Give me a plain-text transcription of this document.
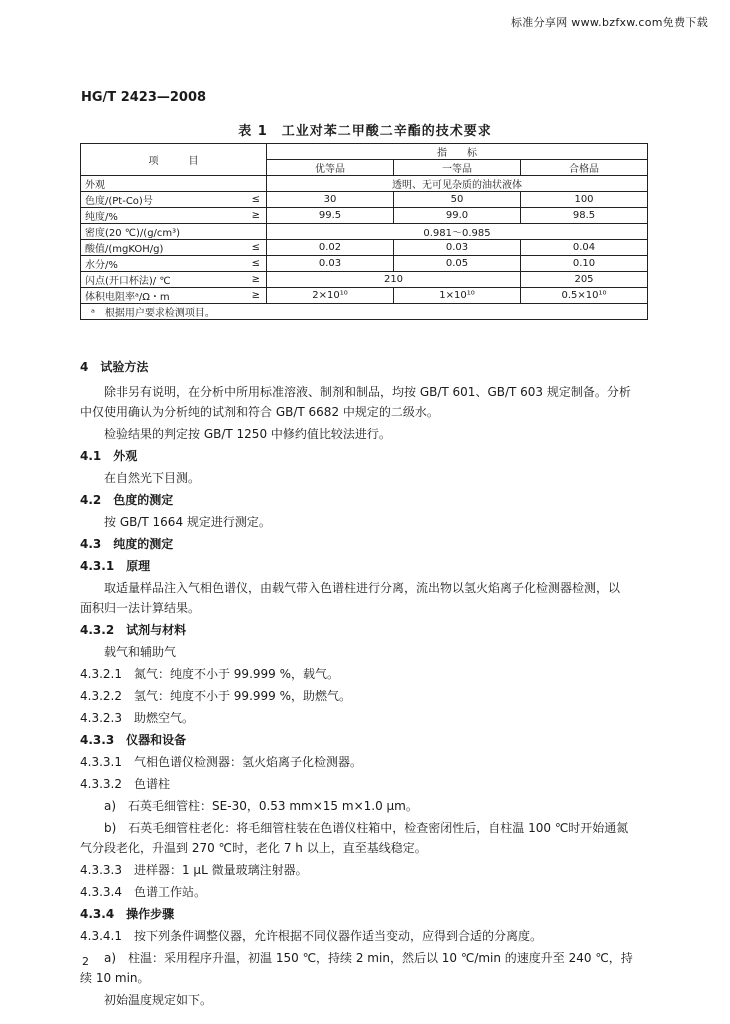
标准分享网 www.bzfxw.com免费下载
HG/T 2423—2008
表 1　工业对苯二甲酸二辛酯的技术要求
项　　　目		指　　标		
		优等品	一等品	合格品
外观		透明、无可见杂质的油状液体		
色度/(Pt-Co)号	≤	30	50	100
纯度/%	≥	99.5	99.0	98.5
密度(20 ℃)/(g/cm³)		0.981～0.985		
酸值/(mgKOH/g)	≤	0.02	0.03	0.04
水分/%	≤	0.03	0.05	0.10
闪点(开口杯法)/ ℃	≥	210		205
体积电阻率ᵃ/Ω・m	≥	2×10¹⁰	1×10¹⁰	0.5×10¹⁰
ᵃ　根据用户要求检测项目。				
4　试验方法
除非另有说明，在分析中所用标准溶液、制剂和制品，均按 GB/T 601、GB/T 603 规定制备。分析
中仅使用确认为分析纯的试剂和符合 GB/T 6682 中规定的二级水。
检验结果的判定按 GB/T 1250 中修约值比较法进行。
4.1　外观
在自然光下目测。
4.2　色度的测定
按 GB/T 1664 规定进行测定。
4.3　纯度的测定
4.3.1　原理
取适量样品注入气相色谱仪，由载气带入色谱柱进行分离，流出物以氢火焰离子化检测器检测，以
面积归一法计算结果。
4.3.2　试剂与材料
载气和辅助气
4.3.2.1　氮气：纯度不小于 99.999 %，载气。
4.3.2.2　氢气：纯度不小于 99.999 %，助燃气。
4.3.2.3　助燃空气。
4.3.3　仪器和设备
4.3.3.1　气相色谱仪检测器：氢火焰离子化检测器。
4.3.3.2　色谱柱
a)　石英毛细管柱：SE-30，0.53 mm×15 m×1.0 μm。
b)　石英毛细管柱老化：将毛细管柱装在色谱仪柱箱中，检查密闭性后，自柱温 100 ℃时开始通氮
气分段老化，升温到 270 ℃时，老化 7 h 以上，直至基线稳定。
4.3.3.3　进样器：1 μL 微量玻璃注射器。
4.3.3.4　色谱工作站。
4.3.4　操作步骤
4.3.4.1　按下列条件调整仪器，允许根据不同仪器作适当变动，应得到合适的分离度。
a)　柱温：采用程序升温，初温 150 ℃，持续 2 min，然后以 10 ℃/min 的速度升至 240 ℃，持
续 10 min。
初始温度规定如下。
2
